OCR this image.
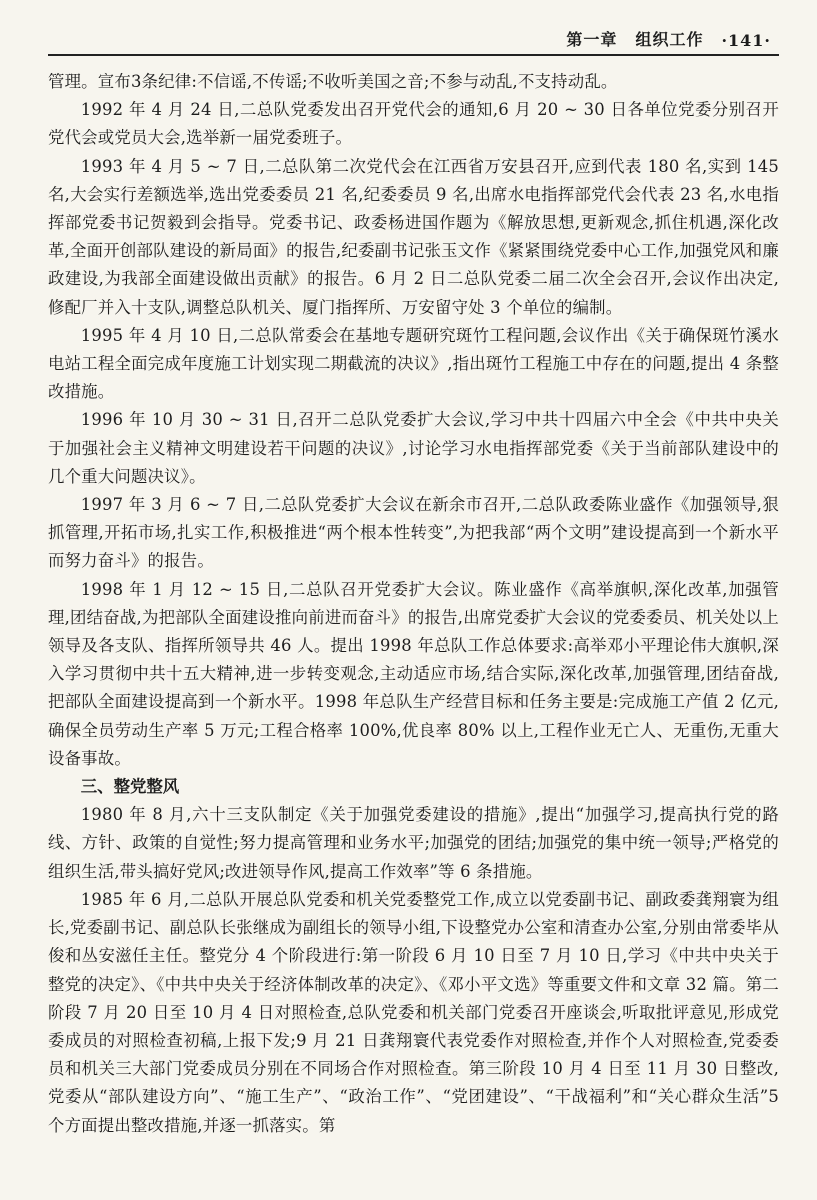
第一章 组织工作 ·141·

管理。宣布3条纪律:不信谣,不传谣;不收听美国之音;不参与动乱,不支持动乱。

1992 年 4 月 24 日,二总队党委发出召开党代会的通知,6 月 20 ~ 30 日各单位党委分别召开党代会或党员大会,选举新一届党委班子。

1993 年 4 月 5 ~ 7 日,二总队第二次党代会在江西省万安县召开,应到代表 180 名,实到 145 名,大会实行差额选举,选出党委委员 21 名,纪委委员 9 名,出席水电指挥部党代会代表 23 名,水电指挥部党委书记贺毅到会指导。党委书记、政委杨进国作题为《解放思想,更新观念,抓住机遇,深化改革,全面开创部队建设的新局面》的报告,纪委副书记张玉文作《紧紧围绕党委中心工作,加强党风和廉政建设,为我部全面建设做出贡献》的报告。6 月 2 日二总队党委二届二次全会召开,会议作出决定,修配厂并入十支队,调整总队机关、厦门指挥所、万安留守处 3 个单位的编制。

1995 年 4 月 10 日,二总队常委会在基地专题研究斑竹工程问题,会议作出《关于确保斑竹溪水电站工程全面完成年度施工计划实现二期截流的决议》,指出斑竹工程施工中存在的问题,提出 4 条整改措施。

1996 年 10 月 30 ~ 31 日,召开二总队党委扩大会议,学习中共十四届六中全会《中共中央关于加强社会主义精神文明建设若干问题的决议》,讨论学习水电指挥部党委《关于当前部队建设中的几个重大问题决议》。

1997 年 3 月 6 ~ 7 日,二总队党委扩大会议在新余市召开,二总队政委陈业盛作《加强领导,狠抓管理,开拓市场,扎实工作,积极推进“两个根本性转变”,为把我部“两个文明”建设提高到一个新水平而努力奋斗》的报告。

1998 年 1 月 12 ~ 15 日,二总队召开党委扩大会议。陈业盛作《高举旗帜,深化改革,加强管理,团结奋战,为把部队全面建设推向前进而奋斗》的报告,出席党委扩大会议的党委委员、机关处以上领导及各支队、指挥所领导共 46 人。提出 1998 年总队工作总体要求:高举邓小平理论伟大旗帜,深入学习贯彻中共十五大精神,进一步转变观念,主动适应市场,结合实际,深化改革,加强管理,团结奋战,把部队全面建设提高到一个新水平。1998 年总队生产经营目标和任务主要是:完成施工产值 2 亿元,确保全员劳动生产率 5 万元;工程合格率 100%,优良率 80% 以上,工程作业无亡人、无重伤,无重大设备事故。

三、整党整风

1980 年 8 月,六十三支队制定《关于加强党委建设的措施》,提出“加强学习,提高执行党的路线、方针、政策的自觉性;努力提高管理和业务水平;加强党的团结;加强党的集中统一领导;严格党的组织生活,带头搞好党风;改进领导作风,提高工作效率”等 6 条措施。

1985 年 6 月,二总队开展总队党委和机关党委整党工作,成立以党委副书记、副政委龚翔寰为组长,党委副书记、副总队长张继成为副组长的领导小组,下设整党办公室和清查办公室,分别由常委毕从俊和丛安滋任主任。整党分 4 个阶段进行:第一阶段 6 月 10 日至 7 月 10 日,学习《中共中央关于整党的决定》、《中共中央关于经济体制改革的决定》、《邓小平文选》等重要文件和文章 32 篇。第二阶段 7 月 20 日至 10 月 4 日对照检查,总队党委和机关部门党委召开座谈会,听取批评意见,形成党委成员的对照检查初稿,上报下发;9 月 21 日龚翔寰代表党委作对照检查,并作个人对照检查,党委委员和机关三大部门党委成员分别在不同场合作对照检查。第三阶段 10 月 4 日至 11 月 30 日整改,党委从“部队建设方向”、“施工生产”、“政治工作”、“党团建设”、“干战福利”和“关心群众生活”5 个方面提出整改措施,并逐一抓落实。第
